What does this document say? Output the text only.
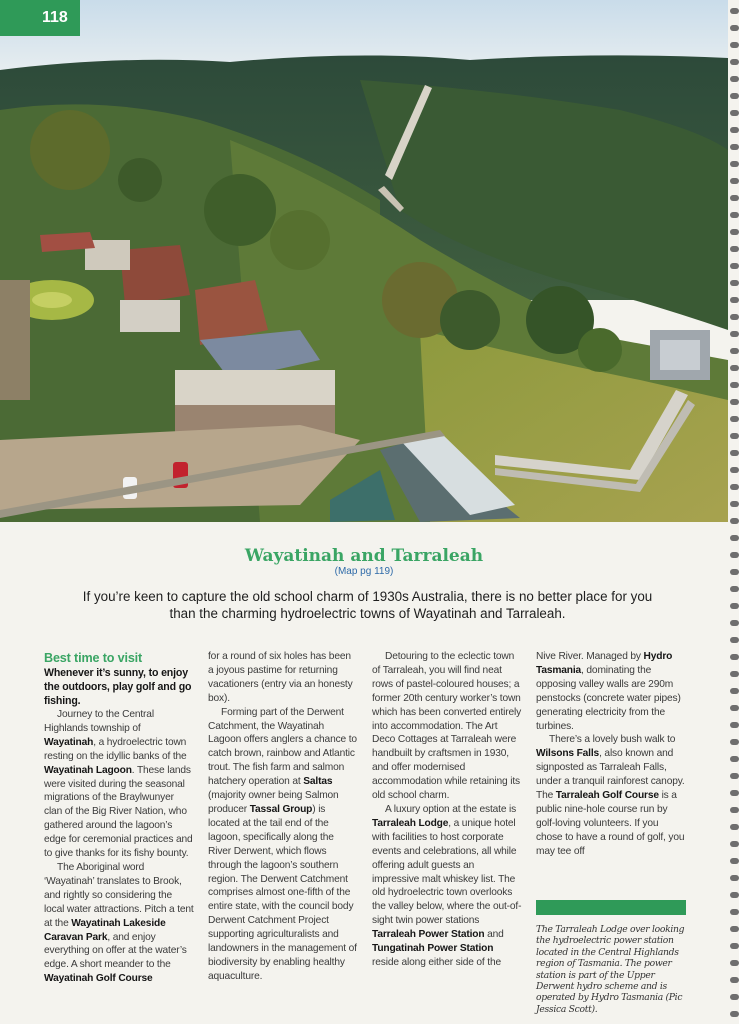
118
Wayatinah and Tarraleah
(Map pg 119)
If you’re keen to capture the old school charm of 1930s Australia, there is no better place for you than the charming hydroelectric towns of Wayatinah and Tarraleah.
Best time to visit

Whenever it’s sunny, to enjoy the outdoors, play golf and go fishing.

Journey to the Central Highlands township of Wayatinah, a hydroelectric town resting on the idyllic banks of the Wayatinah Lagoon. These lands were visited during the seasonal migrations of the Braylwunyer clan of the Big River Nation, who gathered around the lagoon’s edge for ceremonial practices and to give thanks for its fishy bounty.

The Aboriginal word ‘Wayatinah’ translates to Brook, and rightly so considering the local water attractions. Pitch a tent at the Wayatinah Lakeside Caravan Park, and enjoy everything on offer at the water’s edge. A short meander to the Wayatinah Golf Course

for a round of six holes has been a joyous pastime for returning vacationers (entry via an honesty box).

Forming part of the Derwent Catchment, the Wayatinah Lagoon offers anglers a chance to catch brown, rainbow and Atlantic trout. The fish farm and salmon hatchery operation at Saltas (majority owner being Salmon producer Tassal Group) is located at the tail end of the lagoon, specifically along the River Derwent, which flows through the lagoon’s southern region. The Derwent Catchment comprises almost one-fifth of the entire state, with the council body Derwent Catchment Project supporting agriculturalists and landowners in the management of biodiversity by enabling healthy aquaculture.

Detouring to the eclectic town of Tarraleah, you will find neat rows of pastel-coloured houses; a former 20th century worker’s town which has been converted entirely into accommodation. The Art Deco Cottages at Tarraleah were handbuilt by craftsmen in 1930, and offer modernised accommodation while retaining its old school charm.

A luxury option at the estate is Tarraleah Lodge, a unique hotel with facilities to host corporate events and celebrations, all while offering adult guests an impressive malt whiskey list. The old hydroelectric town overlooks the valley below, where the out-of-sight twin power stations Tarraleah Power Station and Tungatinah Power Station reside along either side of the

Nive River. Managed by Hydro Tasmania, dominating the opposing valley walls are 290m penstocks (concrete water pipes) generating electricity from the turbines.

There’s a lovely bush walk to Wilsons Falls, also known and signposted as Tarraleah Falls, under a tranquil rainforest canopy. The Tarraleah Golf Course is a public nine-hole course run by golf-loving volunteers. If you chose to have a round of golf, you may tee off

The Tarraleah Lodge over looking the hydroelectric power station located in the Central Highlands region of Tasmania. The power station is part of the Upper Derwent hydro scheme and is operated by Hydro Tasmania (Pic Jessica Scott).
